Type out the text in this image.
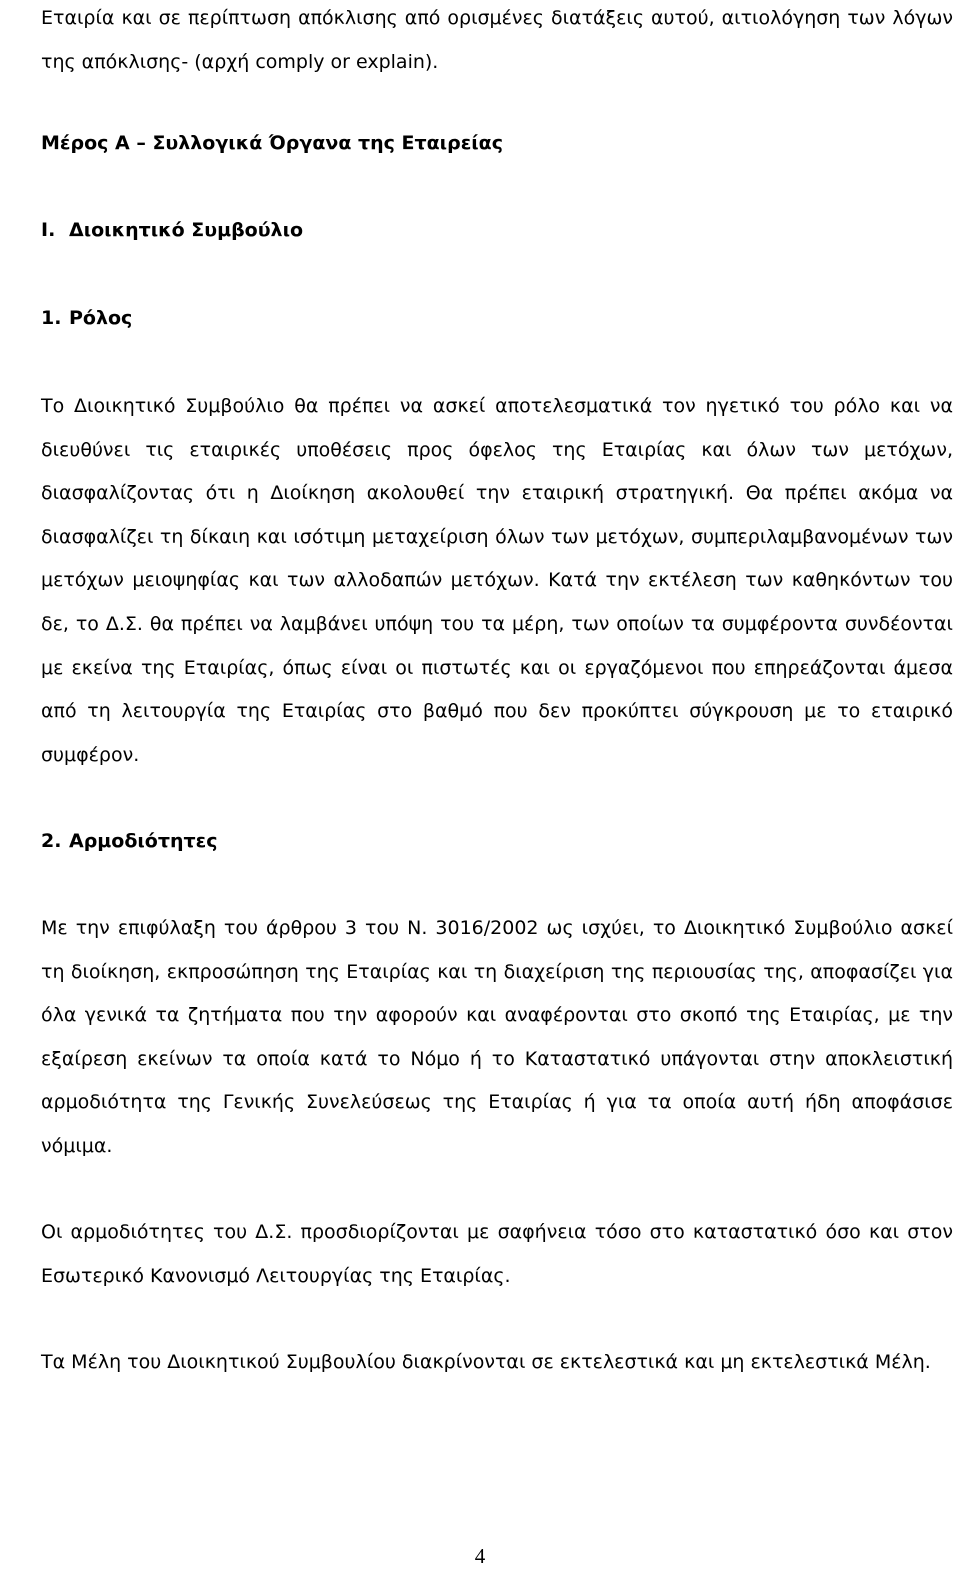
Εταιρία και σε περίπτωση απόκλισης από ορισμένες διατάξεις αυτού, αιτιολόγηση των λόγων της απόκλισης- (αρχή comply or explain).

Μέρος Α – Συλλογικά Όργανα της Εταιρείας
I. Διοικητικό Συμβούλιο
1. Ρόλος

Το Διοικητικό Συμβούλιο θα πρέπει να ασκεί αποτελεσματικά τον ηγετικό του ρόλο και να διευθύνει τις εταιρικές υποθέσεις προς όφελος της Εταιρίας και όλων των μετόχων, διασφαλίζοντας ότι η Διοίκηση ακολουθεί την εταιρική στρατηγική. Θα πρέπει ακόμα να διασφαλίζει τη δίκαιη και ισότιμη μεταχείριση όλων των μετόχων, συμπεριλαμβανομένων των μετόχων μειοψηφίας και των αλλοδαπών μετόχων. Κατά την εκτέλεση των καθηκόντων του δε, το Δ.Σ. θα πρέπει να λαμβάνει υπόψη του τα μέρη, των οποίων τα συμφέροντα συνδέονται με εκείνα της Εταιρίας, όπως είναι οι πιστωτές και οι εργαζόμενοι που επηρεάζονται άμεσα από τη λειτουργία της Εταιρίας στο βαθμό που δεν προκύπτει σύγκρουση με το εταιρικό συμφέρον.

2. Αρμοδιότητες

Με την επιφύλαξη του άρθρου 3 του Ν. 3016/2002 ως ισχύει, το Διοικητικό Συμβούλιο ασκεί τη διοίκηση, εκπροσώπηση της Εταιρίας και τη διαχείριση της περιουσίας της, αποφασίζει για όλα γενικά τα ζητήματα που την αφορούν και αναφέρονται στο σκοπό της Εταιρίας, με την εξαίρεση εκείνων τα οποία κατά το Νόμο ή το Καταστατικό υπάγονται στην αποκλειστική αρμοδιότητα της Γενικής Συνελεύσεως της Εταιρίας ή για τα οποία αυτή ήδη αποφάσισε νόμιμα.

Οι αρμοδιότητες του Δ.Σ. προσδιορίζονται με σαφήνεια τόσο στο καταστατικό όσο και στον Εσωτερικό Κανονισμό Λειτουργίας της Εταιρίας.

Τα Μέλη του Διοικητικού Συμβουλίου διακρίνονται σε εκτελεστικά και μη εκτελεστικά Μέλη.

4
